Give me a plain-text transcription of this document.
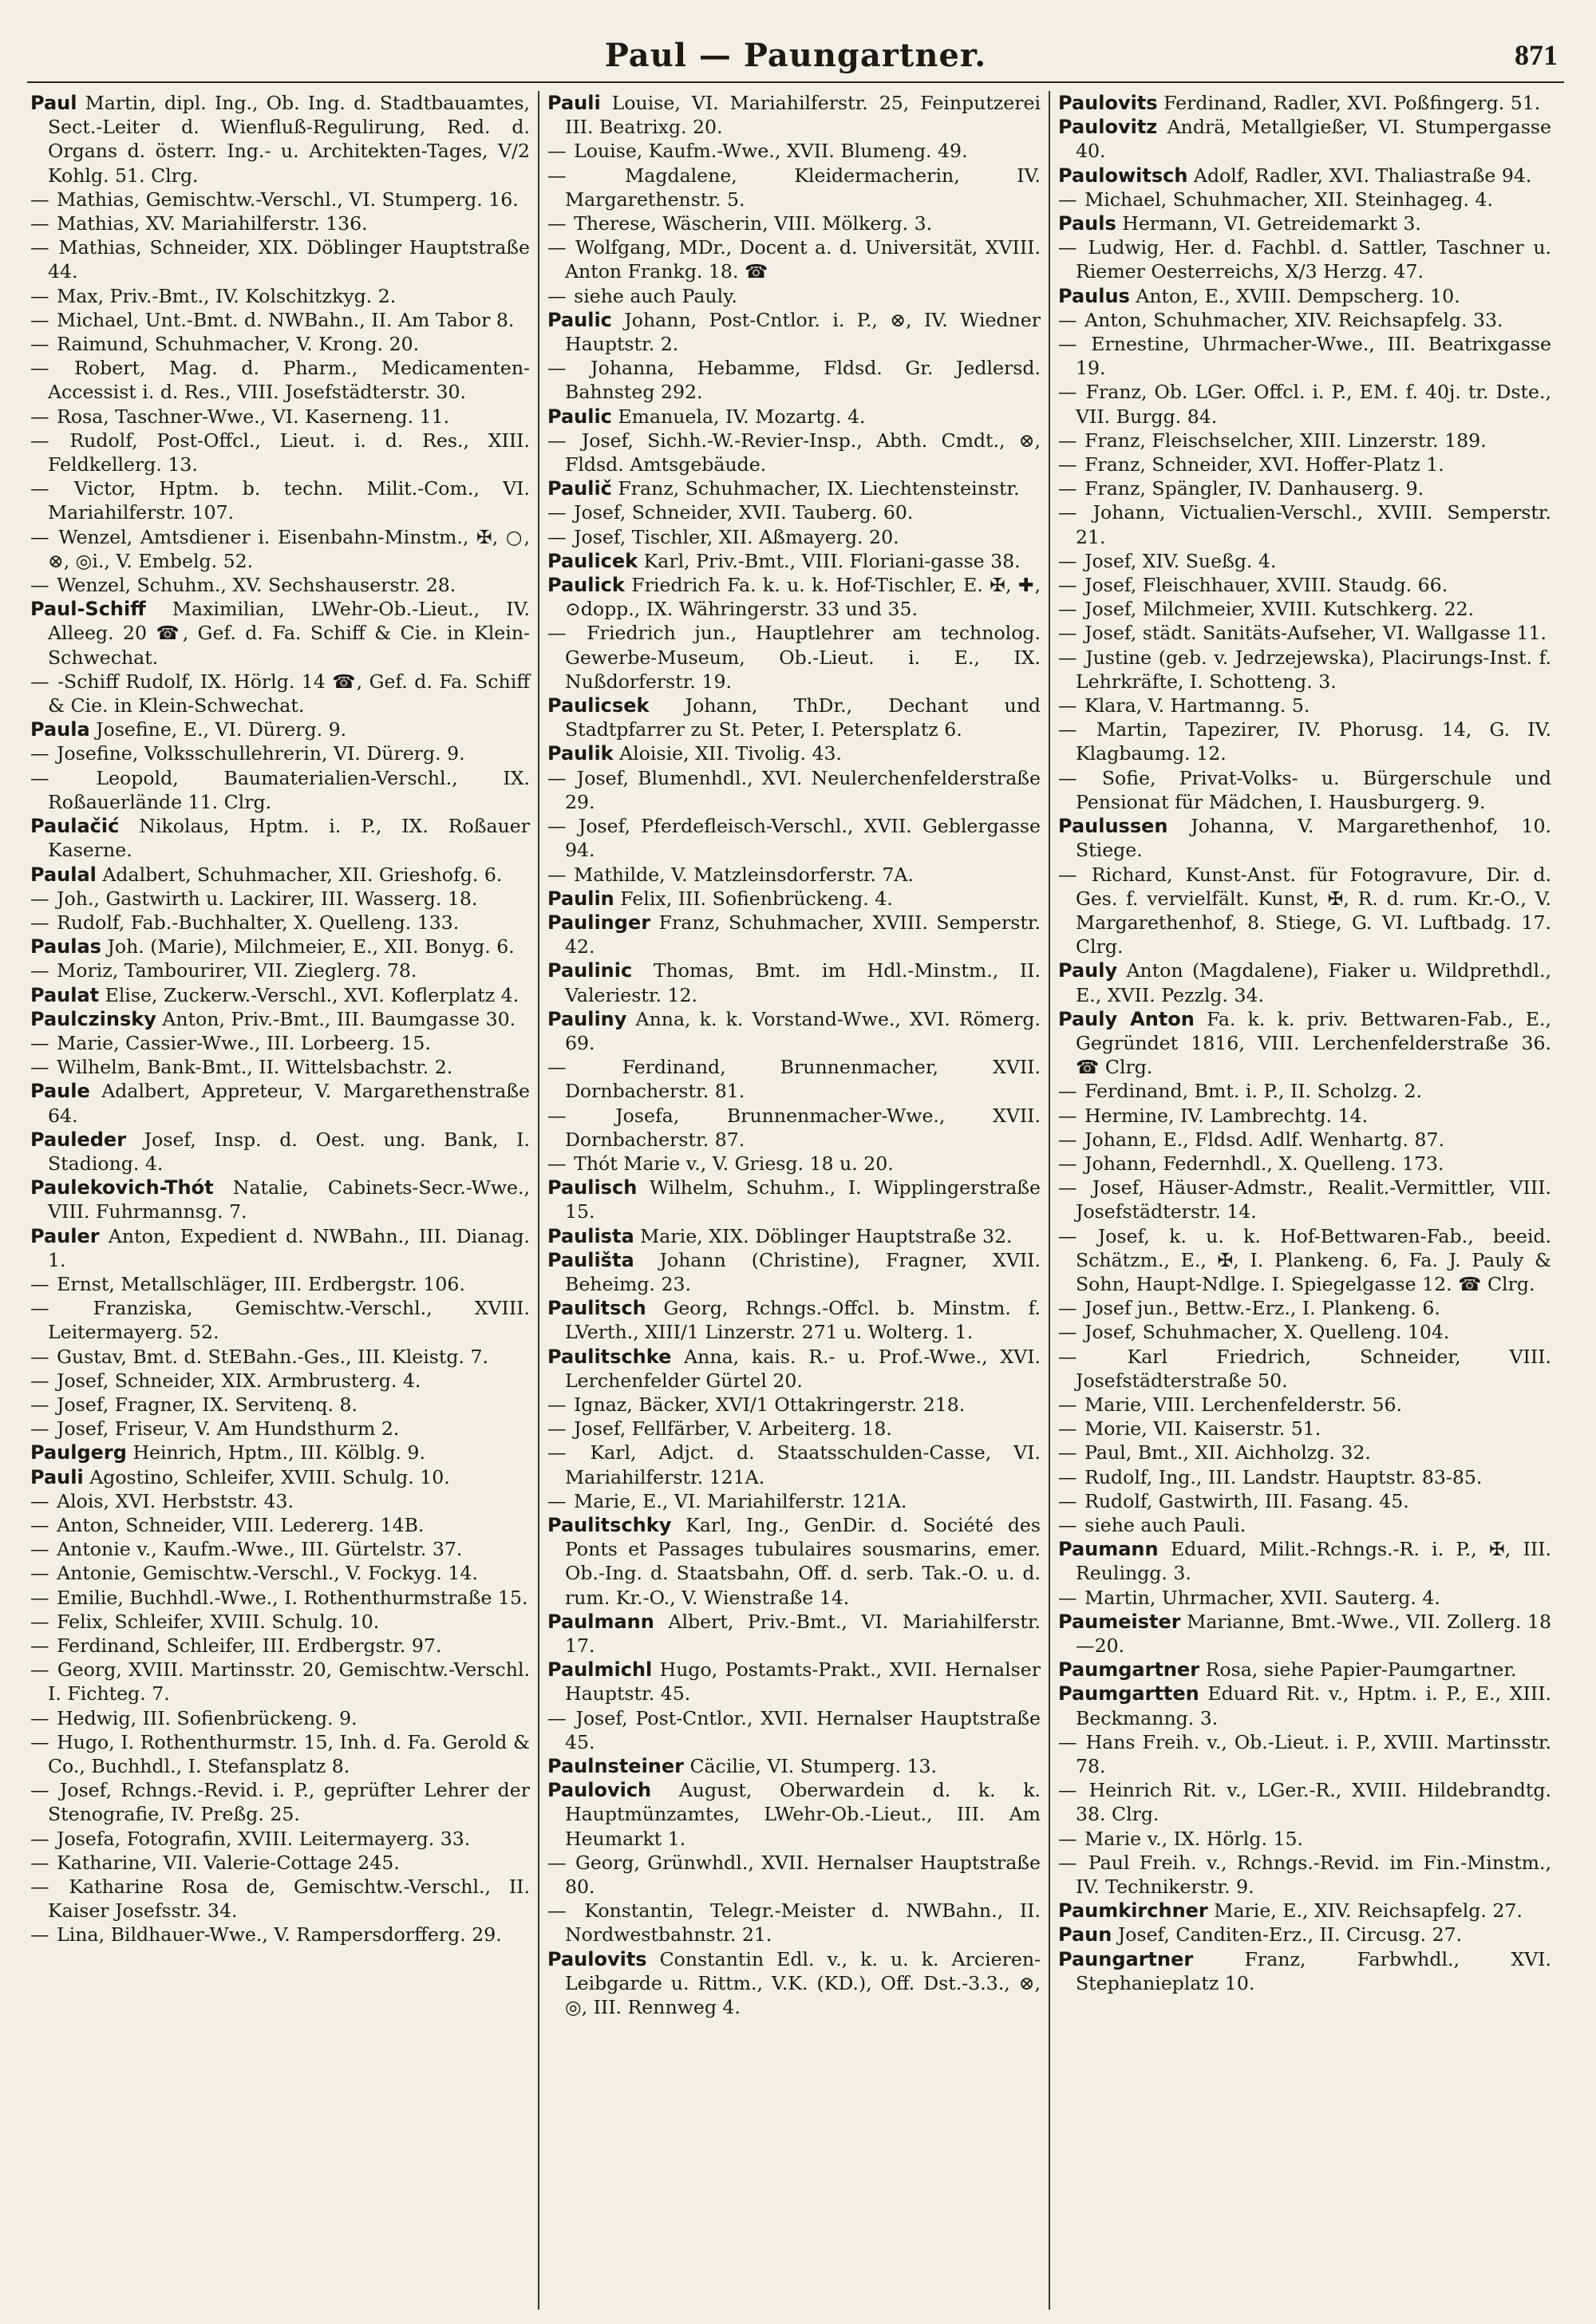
Paul — Paungartner.	871

Paul Martin, dipl. Ing., Ob. Ing. d. Stadtbauamtes, Sect.-Leiter d. Wienfluß-Regulirung, Red. d. Organs d. österr. Ing.- u. Architekten-Tages, V/2 Kohlg. 51. Clrg.

— Mathias, Gemischtw.-Verschl., VI. Stumperg. 16.

— Mathias, XV. Mariahilferstr. 136.

— Mathias, Schneider, XIX. Döblinger Hauptstraße 44.

— Max, Priv.-Bmt., IV. Kolschitzkyg. 2.

— Michael, Unt.-Bmt. d. NWBahn., II. Am Tabor 8.

— Raimund, Schuhmacher, V. Krong. 20.

— Robert, Mag. d. Pharm., Medicamenten-Accessist i. d. Res., VIII. Josefstädterstr. 30.

— Rosa, Taschner-Wwe., VI. Kaserneng. 11.

— Rudolf, Post-Offcl., Lieut. i. d. Res., XIII. Feldkellerg. 13.

— Victor, Hptm. b. techn. Milit.-Com., VI. Mariahilferstr. 107.

— Wenzel, Amtsdiener i. Eisenbahn-Minstm., ✠, ○, ⊗, ◎i., V. Embelg. 52.

— Wenzel, Schuhm., XV. Sechshauserstr. 28.

Paul-Schiff Maximilian, LWehr-Ob.-Lieut., IV. Alleeg. 20 ☎, Gef. d. Fa. Schiff & Cie. in Klein-Schwechat.

— -Schiff Rudolf, IX. Hörlg. 14 ☎, Gef. d. Fa. Schiff & Cie. in Klein-Schwechat.

Paula Josefine, E., VI. Dürerg. 9.

— Josefine, Volksschullehrerin, VI. Dürerg. 9.

— Leopold, Baumaterialien-Verschl., IX. Roßauerlände 11. Clrg.

Paulačić Nikolaus, Hptm. i. P., IX. Roßauer Kaserne.

Paulal Adalbert, Schuhmacher, XII. Grieshofg. 6.

— Joh., Gastwirth u. Lackirer, III. Wasserg. 18.

— Rudolf, Fab.-Buchhalter, X. Quelleng. 133.

Paulas Joh. (Marie), Milchmeier, E., XII. Bonyg. 6.

— Moriz, Tambourirer, VII. Zieglerg. 78.

Paulat Elise, Zuckerw.-Verschl., XVI. Koflerplatz 4.

Paulczinsky Anton, Priv.-Bmt., III. Baumgasse 30.

— Marie, Cassier-Wwe., III. Lorbeerg. 15.

— Wilhelm, Bank-Bmt., II. Wittelsbachstr. 2.

Paule Adalbert, Appreteur, V. Margarethenstraße 64.

Pauleder Josef, Insp. d. Oest. ung. Bank, I. Stadiong. 4.

Paulekovich-Thót Natalie, Cabinets-Secr.-Wwe., VIII. Fuhrmannsg. 7.

Pauler Anton, Expedient d. NWBahn., III. Dianag. 1.

— Ernst, Metallschläger, III. Erdbergstr. 106.

— Franziska, Gemischtw.-Verschl., XVIII. Leitermayerg. 52.

— Gustav, Bmt. d. StEBahn.-Ges., III. Kleistg. 7.

— Josef, Schneider, XIX. Armbrusterg. 4.

— Josef, Fragner, IX. Servitenq. 8.

— Josef, Friseur, V. Am Hundsthurm 2.

Paulgerg Heinrich, Hptm., III. Kölblg. 9.

Pauli Agostino, Schleifer, XVIII. Schulg. 10.

— Alois, XVI. Herbststr. 43.

— Anton, Schneider, VIII. Ledererg. 14B.

— Antonie v., Kaufm.-Wwe., III. Gürtelstr. 37.

— Antonie, Gemischtw.-Verschl., V. Fockyg. 14.

— Emilie, Buchhdl.-Wwe., I. Rothenthurmstraße 15.

— Felix, Schleifer, XVIII. Schulg. 10.

— Ferdinand, Schleifer, III. Erdbergstr. 97.

— Georg, XVIII. Martinsstr. 20, Gemischtw.-Verschl. I. Fichteg. 7.

— Hedwig, III. Sofienbrückeng. 9.

— Hugo, I. Rothenthurmstr. 15, Inh. d. Fa. Gerold & Co., Buchhdl., I. Stefansplatz 8.

— Josef, Rchngs.-Revid. i. P., geprüfter Lehrer der Stenografie, IV. Preßg. 25.

— Josefa, Fotografin, XVIII. Leitermayerg. 33.

— Katharine, VII. Valerie-Cottage 245.

— Katharine Rosa de, Gemischtw.-Verschl., II. Kaiser Josefsstr. 34.

— Lina, Bildhauer-Wwe., V. Rampersdorfferg. 29.

Pauli Louise, VI. Mariahilferstr. 25, Feinputzerei III. Beatrixg. 20.

— Louise, Kaufm.-Wwe., XVII. Blumeng. 49.

— Magdalene, Kleidermacherin, IV. Margarethenstr. 5.

— Therese, Wäscherin, VIII. Mölkerg. 3.

— Wolfgang, MDr., Docent a. d. Universität, XVIII. Anton Frankg. 18. ☎

— siehe auch Pauly.

Paulic Johann, Post-Cntlor. i. P., ⊗, IV. Wiedner Hauptstr. 2.

— Johanna, Hebamme, Fldsd. Gr. Jedlersd. Bahnsteg 292.

Paulic Emanuela, IV. Mozartg. 4.

— Josef, Sichh.-W.-Revier-Insp., Abth. Cmdt., ⊗, Fldsd. Amtsgebäude.

Paulič Franz, Schuhmacher, IX. Liechtensteinstr.

— Josef, Schneider, XVII. Tauberg. 60.

— Josef, Tischler, XII. Aßmayerg. 20.

Paulicek Karl, Priv.-Bmt., VIII. Floriani-gasse 38.

Paulick Friedrich Fa. k. u. k. Hof-Tischler, E. ✠, ✚, ⊙dopp., IX. Währingerstr. 33 und 35.

— Friedrich jun., Hauptlehrer am technolog. Gewerbe-Museum, Ob.-Lieut. i. E., IX. Nußdorferstr. 19.

Paulicsek Johann, ThDr., Dechant und Stadtpfarrer zu St. Peter, I. Petersplatz 6.

Paulik Aloisie, XII. Tivolig. 43.

— Josef, Blumenhdl., XVI. Neulerchenfelderstraße 29.

— Josef, Pferdefleisch-Verschl., XVII. Geblergasse 94.

— Mathilde, V. Matzleinsdorferstr. 7A.

Paulin Felix, III. Sofienbrückeng. 4.

Paulinger Franz, Schuhmacher, XVIII. Semperstr. 42.

Paulinic Thomas, Bmt. im Hdl.-Minstm., II. Valeriestr. 12.

Pauliny Anna, k. k. Vorstand-Wwe., XVI. Römerg. 69.

— Ferdinand, Brunnenmacher, XVII. Dornbacherstr. 81.

— Josefa, Brunnenmacher-Wwe., XVII. Dornbacherstr. 87.

— Thót Marie v., V. Griesg. 18 u. 20.

Paulisch Wilhelm, Schuhm., I. Wipplingerstraße 15.

Paulista Marie, XIX. Döblinger Hauptstraße 32.

Paulišta Johann (Christine), Fragner, XVII. Beheimg. 23.

Paulitsch Georg, Rchngs.-Offcl. b. Minstm. f. LVerth., XIII/1 Linzerstr. 271 u. Wolterg. 1.

Paulitschke Anna, kais. R.- u. Prof.-Wwe., XVI. Lerchenfelder Gürtel 20.

— Ignaz, Bäcker, XVI/1 Ottakringerstr. 218.

— Josef, Fellfärber, V. Arbeiterg. 18.

— Karl, Adjct. d. Staatsschulden-Casse, VI. Mariahilferstr. 121A.

— Marie, E., VI. Mariahilferstr. 121A.

Paulitschky Karl, Ing., GenDir. d. Société des Ponts et Passages tubulaires sousmarins, emer. Ob.-Ing. d. Staatsbahn, Off. d. serb. Tak.-O. u. d. rum. Kr.-O., V. Wienstraße 14.

Paulmann Albert, Priv.-Bmt., VI. Mariahilferstr. 17.

Paulmichl Hugo, Postamts-Prakt., XVII. Hernalser Hauptstr. 45.

— Josef, Post-Cntlor., XVII. Hernalser Hauptstraße 45.

Paulnsteiner Cäcilie, VI. Stumperg. 13.

Paulovich August, Oberwardein d. k. k. Hauptmünzamtes, LWehr-Ob.-Lieut., III. Am Heumarkt 1.

— Georg, Grünwhdl., XVII. Hernalser Hauptstraße 80.

— Konstantin, Telegr.-Meister d. NWBahn., II. Nordwestbahnstr. 21.

Paulovits Constantin Edl. v., k. u. k. Arcieren-Leibgarde u. Rittm., V.K. (KD.), Off. Dst.-3.3., ⊗, ◎, III. Rennweg 4.

Paulovits Ferdinand, Radler, XVI. Poßfingerg. 51.

Paulovitz Andrä, Metallgießer, VI. Stumpergasse 40.

Paulowitsch Adolf, Radler, XVI. Thaliastraße 94.

— Michael, Schuhmacher, XII. Steinhageg. 4.

Pauls Hermann, VI. Getreidemarkt 3.

— Ludwig, Her. d. Fachbl. d. Sattler, Taschner u. Riemer Oesterreichs, X/3 Herzg. 47.

Paulus Anton, E., XVIII. Dempscherg. 10.

— Anton, Schuhmacher, XIV. Reichsapfelg. 33.

— Ernestine, Uhrmacher-Wwe., III. Beatrixgasse 19.

— Franz, Ob. LGer. Offcl. i. P., EM. f. 40j. tr. Dste., VII. Burgg. 84.

— Franz, Fleischselcher, XIII. Linzerstr. 189.

— Franz, Schneider, XVI. Hoffer-Platz 1.

— Franz, Spängler, IV. Danhauserg. 9.

— Johann, Victualien-Verschl., XVIII. Semperstr. 21.

— Josef, XIV. Sueßg. 4.

— Josef, Fleischhauer, XVIII. Staudg. 66.

— Josef, Milchmeier, XVIII. Kutschkerg. 22.

— Josef, städt. Sanitäts-Aufseher, VI. Wallgasse 11.

— Justine (geb. v. Jedrzejewska), Placirungs-Inst. f. Lehrkräfte, I. Schotteng. 3.

— Klara, V. Hartmanng. 5.

— Martin, Tapezirer, IV. Phorusg. 14, G. IV. Klagbaumg. 12.

— Sofie, Privat-Volks- u. Bürgerschule und Pensionat für Mädchen, I. Hausburgerg. 9.

Paulussen Johanna, V. Margarethenhof, 10. Stiege.

— Richard, Kunst-Anst. für Fotogravure, Dir. d. Ges. f. vervielfält. Kunst, ✠, R. d. rum. Kr.-O., V. Margarethenhof, 8. Stiege, G. VI. Luftbadg. 17. Clrg.

Pauly Anton (Magdalene), Fiaker u. Wildprethdl., E., XVII. Pezzlg. 34.

Pauly Anton Fa. k. k. priv. Bettwaren-Fab., E., Gegründet 1816, VIII. Lerchenfelderstraße 36. ☎ Clrg.

— Ferdinand, Bmt. i. P., II. Scholzg. 2.

— Hermine, IV. Lambrechtg. 14.

— Johann, E., Fldsd. Adlf. Wenhartg. 87.

— Johann, Federnhdl., X. Quelleng. 173.

— Josef, Häuser-Admstr., Realit.-Vermittler, VIII. Josefstädterstr. 14.

— Josef, k. u. k. Hof-Bettwaren-Fab., beeid. Schätzm., E., ✠, I. Plankeng. 6, Fa. J. Pauly & Sohn, Haupt-Ndlge. I. Spiegelgasse 12. ☎ Clrg.

— Josef jun., Bettw.-Erz., I. Plankeng. 6.

— Josef, Schuhmacher, X. Quelleng. 104.

— Karl Friedrich, Schneider, VIII. Josefstädterstraße 50.

— Marie, VIII. Lerchenfelderstr. 56.

— Morie, VII. Kaiserstr. 51.

— Paul, Bmt., XII. Aichholzg. 32.

— Rudolf, Ing., III. Landstr. Hauptstr. 83-85.

— Rudolf, Gastwirth, III. Fasang. 45.

— siehe auch Pauli.

Paumann Eduard, Milit.-Rchngs.-R. i. P., ✠, III. Reulingg. 3.

— Martin, Uhrmacher, XVII. Sauterg. 4.

Paumeister Marianne, Bmt.-Wwe., VII. Zollerg. 18—20.

Paumgartner Rosa, siehe Papier-Paumgartner.

Paumgartten Eduard Rit. v., Hptm. i. P., E., XIII. Beckmanng. 3.

— Hans Freih. v., Ob.-Lieut. i. P., XVIII. Martinsstr. 78.

— Heinrich Rit. v., LGer.-R., XVIII. Hildebrandtg. 38. Clrg.

— Marie v., IX. Hörlg. 15.

— Paul Freih. v., Rchngs.-Revid. im Fin.-Minstm., IV. Technikerstr. 9.

Paumkirchner Marie, E., XIV. Reichsapfelg. 27.

Paun Josef, Canditen-Erz., II. Circusg. 27.

Paungartner	Franz, Farbwhdl., XVI. Stephanieplatz 10.
